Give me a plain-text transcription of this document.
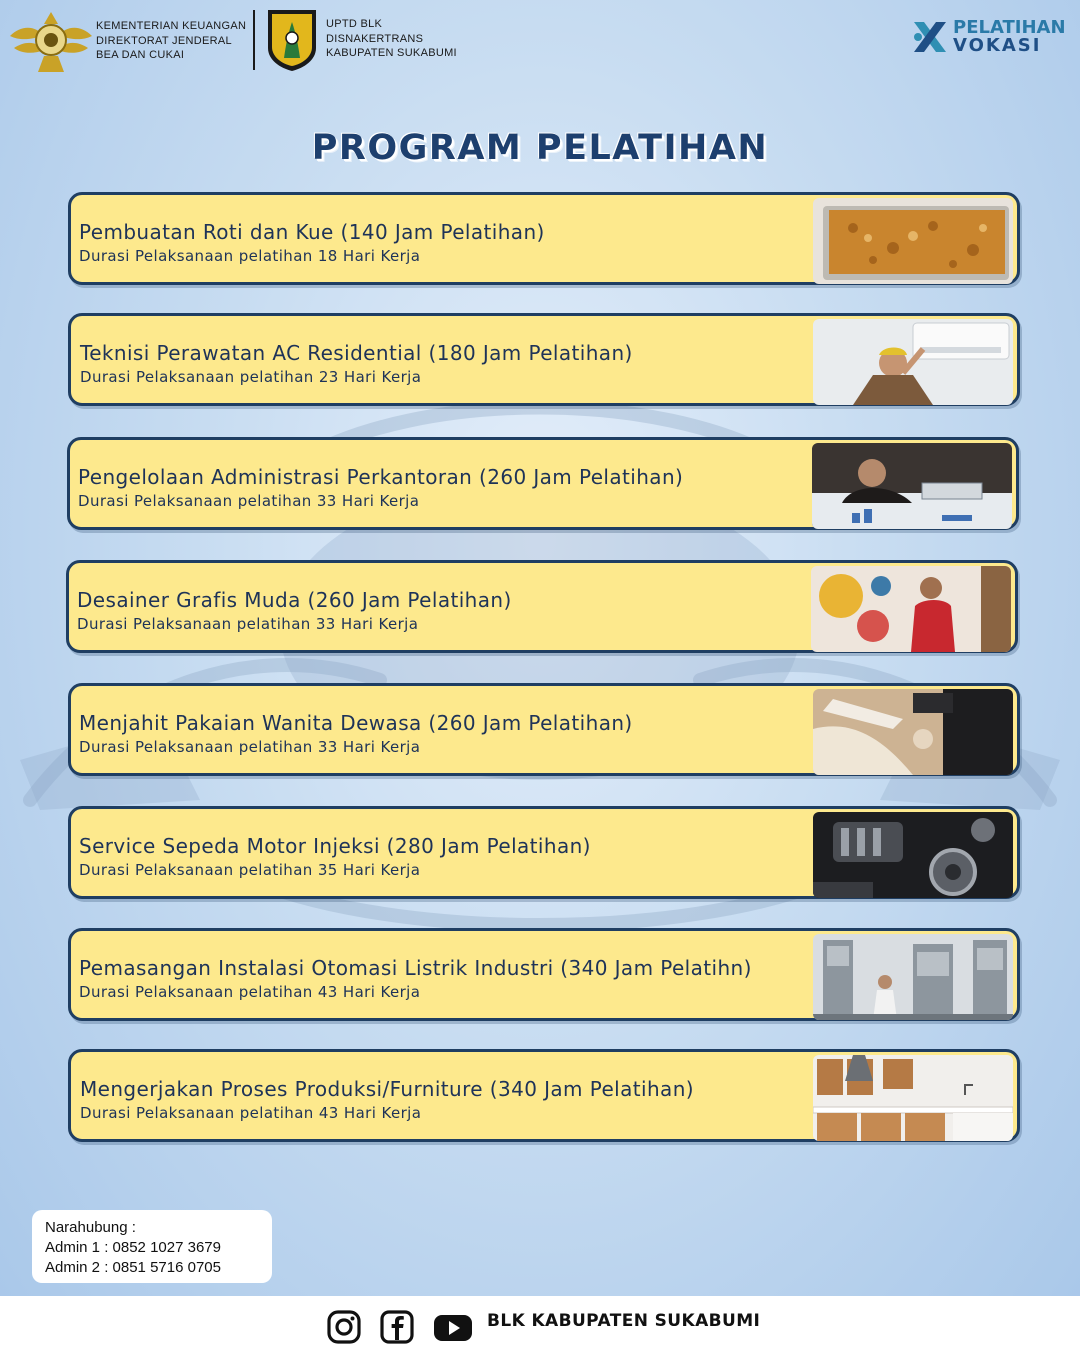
KEMENTERIAN KEUANGAN
DIREKTORAT JENDERAL
BEA DAN CUKAI
UPTD BLK
DISNAKERTRANS
KABUPATEN SUKABUMI
PELATIHAN
VOKASI
PROGRAM PELATIHAN
Pembuatan Roti dan Kue (140 Jam Pelatihan)
Durasi Pelaksanaan pelatihan 18 Hari Kerja
Teknisi Perawatan AC Residential (180 Jam Pelatihan)
Durasi Pelaksanaan pelatihan 23 Hari Kerja
Pengelolaan Administrasi Perkantoran (260 Jam Pelatihan)
Durasi Pelaksanaan pelatihan 33 Hari Kerja
Desainer Grafis Muda (260 Jam Pelatihan)
Durasi Pelaksanaan pelatihan 33 Hari Kerja
Menjahit Pakaian Wanita Dewasa (260 Jam Pelatihan)
Durasi Pelaksanaan pelatihan 33 Hari Kerja
Service Sepeda Motor Injeksi (280 Jam Pelatihan)
Durasi Pelaksanaan pelatihan 35 Hari Kerja
Pemasangan Instalasi Otomasi Listrik Industri (340 Jam Pelatihn)
Durasi Pelaksanaan pelatihan 43 Hari Kerja
Mengerjakan Proses Produksi/Furniture (340 Jam Pelatihan)
Durasi Pelaksanaan pelatihan 43 Hari Kerja
Narahubung :
Admin 1 : 0852 1027 3679
Admin 2 : 0851 5716 0705
BLK KABUPATEN SUKABUMI
